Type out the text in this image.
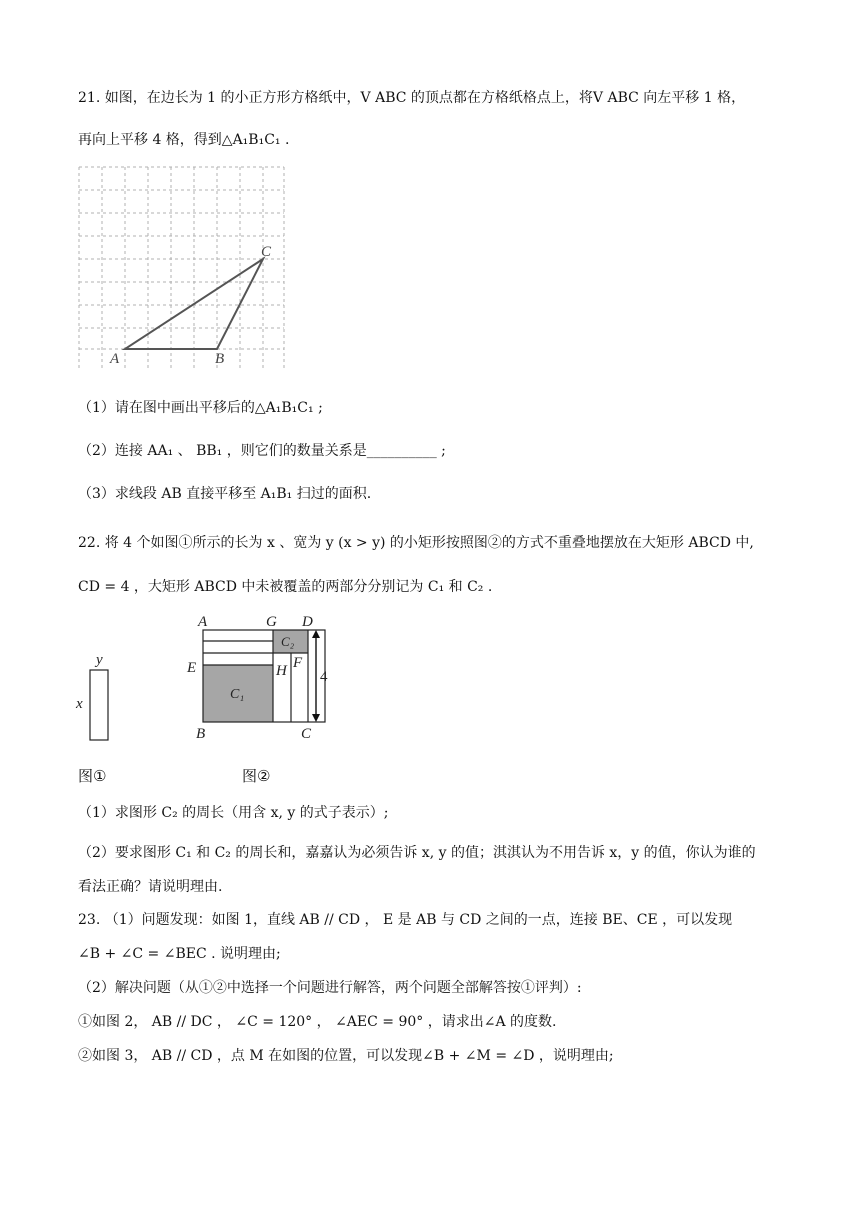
21. 如图，在边长为 1 的小正方形方格纸中，V ABC 的顶点都在方格纸格点上，将V ABC 向左平移 1 格，
再向上平移 4 格，得到△A₁B₁C₁ .
A	B
C
（1）请在图中画出平移后的△A₁B₁C₁ ;
（2）连接 AA₁ 、 BB₁ ，则它们的数量关系是__________ ;
（3）求线段 AB 直接平移至 A₁B₁ 扫过的面积.
22. 将 4 个如图①所示的长为 x 、宽为 y (x > y) 的小矩形按照图②的方式不重叠地摆放在大矩形 ABCD 中,
CD = 4 ，大矩形 ABCD 中未被覆盖的两部分分别记为 C₁ 和 C₂ .
y
x
A	G D
C₂
E	H F
C₁
B	C
4
图①	图②
（1）求图形 C₂ 的周长（用含 x, y 的式子表示）;
（2）要求图形 C₁ 和 C₂ 的周长和，嘉嘉认为必须告诉 x, y 的值；淇淇认为不用告诉 x，y 的值，你认为谁的
看法正确？请说明理由.
23. （1）问题发现：如图 1，直线 AB // CD ， E 是 AB 与 CD 之间的一点，连接 BE、CE ，可以发现
∠B + ∠C = ∠BEC . 说明理由;
（2）解决问题（从①②中选择一个问题进行解答，两个问题全部解答按①评判）:
①如图 2， AB // DC ， ∠C = 120° ， ∠AEC = 90° ，请求出∠A 的度数.
②如图 3， AB // CD ，点 M 在如图的位置，可以发现∠B + ∠M = ∠D ，说明理由;
